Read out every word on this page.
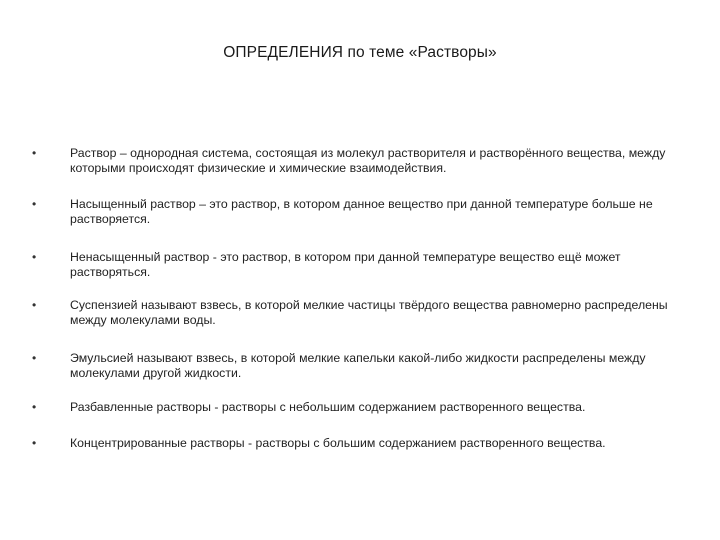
ОПРЕДЕЛЕНИЯ по теме «Растворы»
•	Раствор – однородная система, состоящая из молекул растворителя и растворённого вещества, между которыми происходят физические и химические взаимодействия.
•	Насыщенный раствор – это раствор, в котором данное вещество при данной температуре больше не растворяется.
•	Ненасыщенный раствор - это раствор, в котором при данной температуре вещество ещё может растворяться.
•	Суспензией называют взвесь, в которой мелкие частицы твёрдого вещества равномерно распределены между молекулами воды.
•	Эмульсией называют взвесь, в которой мелкие капельки какой-либо жидкости распределены между молекулами другой жидкости.
•	Разбавленные растворы - растворы с небольшим содержанием растворенного вещества.
•	Концентрированные растворы - растворы с большим содержанием растворенного вещества.
